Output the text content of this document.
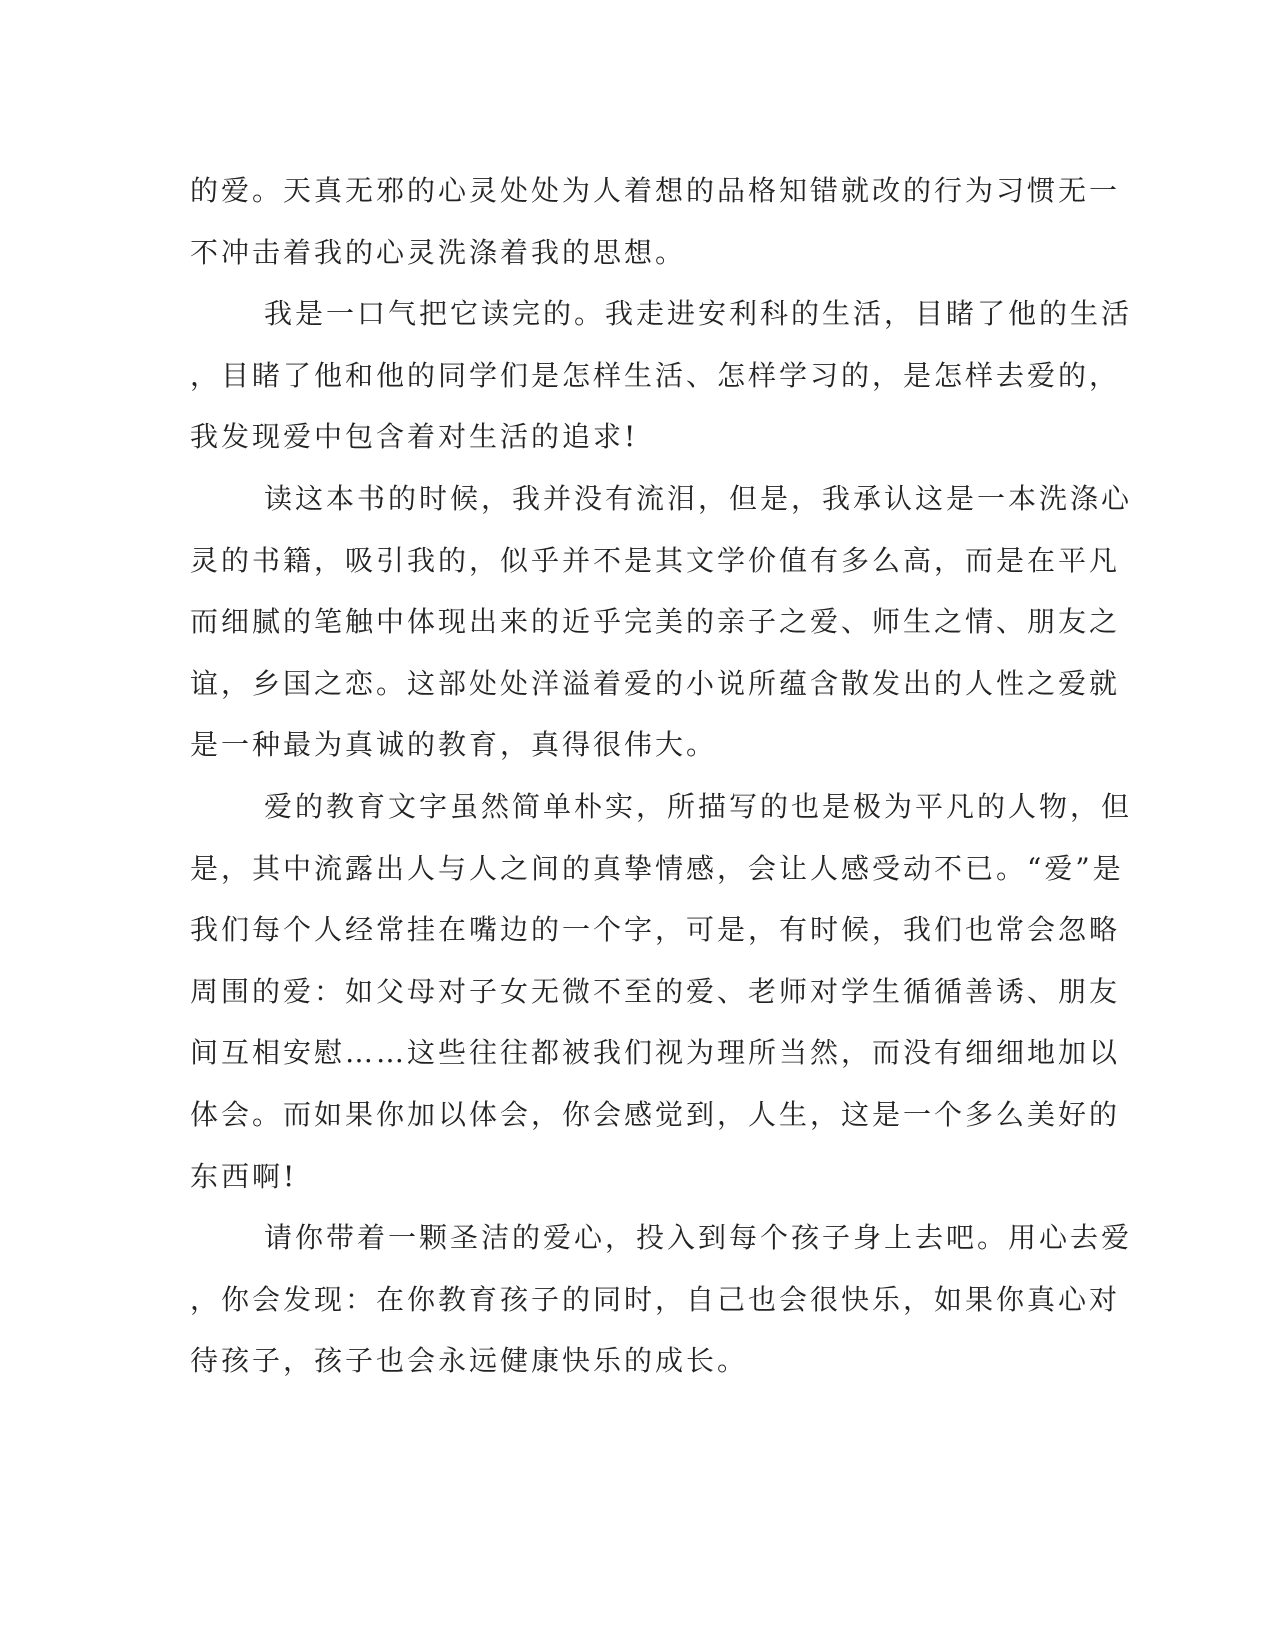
的爱。天真无邪的心灵处处为人着想的品格知错就改的行为习惯无一
不冲击着我的心灵洗涤着我的思想。
我是一口气把它读完的。我走进安利科的生活，目睹了他的生活
，目睹了他和他的同学们是怎样生活、怎样学习的，是怎样去爱的，
我发现爱中包含着对生活的追求!
读这本书的时候，我并没有流泪，但是，我承认这是一本洗涤心
灵的书籍，吸引我的，似乎并不是其文学价值有多么高，而是在平凡
而细腻的笔触中体现出来的近乎完美的亲子之爱、师生之情、朋友之
谊，乡国之恋。这部处处洋溢着爱的小说所蕴含散发出的人性之爱就
是一种最为真诚的教育，真得很伟大。
爱的教育文字虽然简单朴实，所描写的也是极为平凡的人物，但
是，其中流露出人与人之间的真挚情感，会让人感受动不已。“爱”是
我们每个人经常挂在嘴边的一个字，可是，有时候，我们也常会忽略
周围的爱：如父母对子女无微不至的爱、老师对学生循循善诱、朋友
间互相安慰……这些往往都被我们视为理所当然，而没有细细地加以
体会。而如果你加以体会，你会感觉到，人生，这是一个多么美好的
东西啊!
请你带着一颗圣洁的爱心，投入到每个孩子身上去吧。用心去爱
，你会发现：在你教育孩子的同时，自己也会很快乐，如果你真心对
待孩子，孩子也会永远健康快乐的成长。
